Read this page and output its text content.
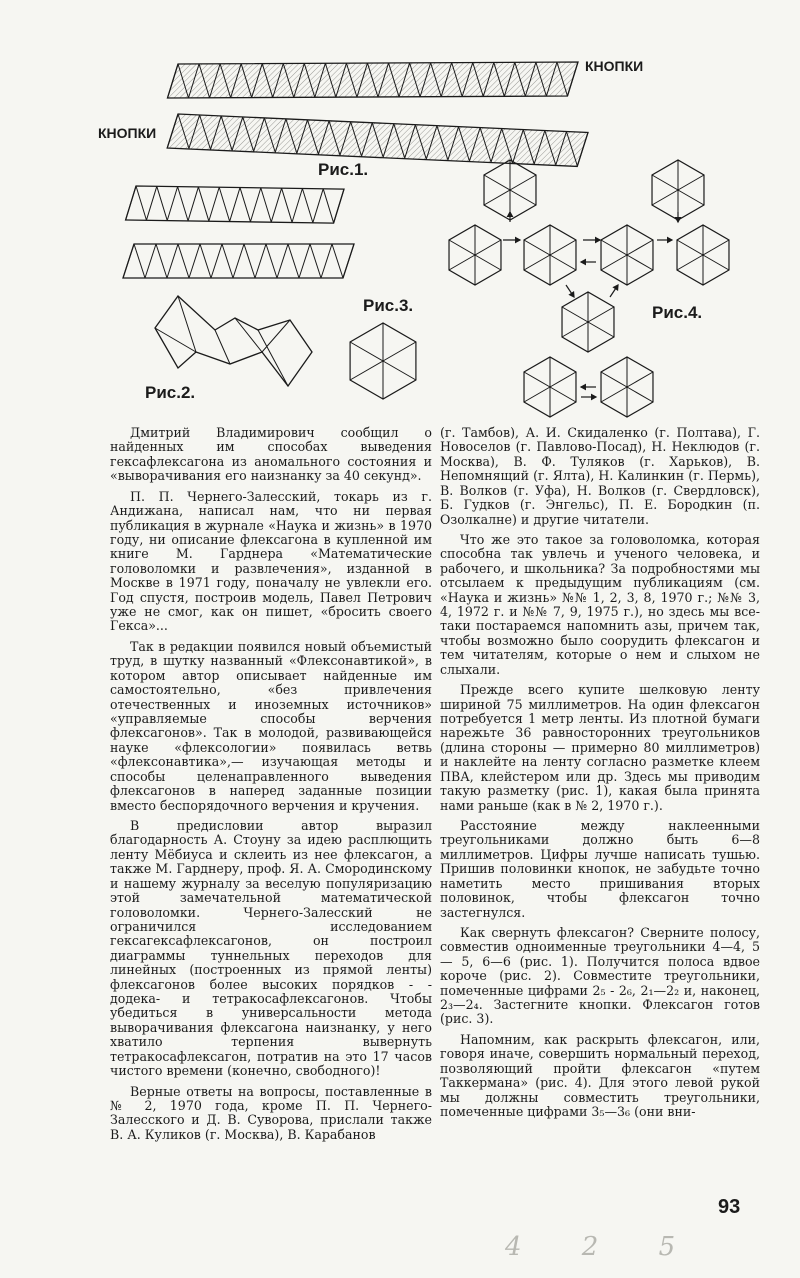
КНОПКИ
КНОПКИ
Рис.1.
Рис.2.
Рис.3.	Рис.4.

Дмитрий Владимирович сообщил о найденных им способах выведения гексафлексагона из аномального состояния и «выворачивания его наизнанку за 40 секунд».

П. П. Чернего-Залесский, токарь из г. Андижана, написал нам, что ни первая публикация в журнале «Наука и жизнь» в 1970 году, ни описание флексагона в купленной им книге М. Гарднера «Математические головоломки и развлечения», изданной в Москве в 1971 году, поначалу не увлекли его. Год спустя, построив модель, Павел Петрович уже не смог, как он пишет, «бросить своего Гекса»...

Так в редакции появился новый объемистый труд, в шутку названный «Флексонавтикой», в котором автор описывает найденные им самостоятельно, «без привлечения отечественных и иноземных источников» «управляемые способы верчения флексагонов». Так в молодой, развивающейся науке «флексологии» появилась ветвь «флексонавтика»,— изучающая методы и способы целенаправленного выведения флексагонов в наперед заданные позиции вместо беспорядочного верчения и кручения.

В предисловии автор выразил благодарность А. Стоуну за идею расплющить ленту Мёбиуса и склеить из нее флексагон, а также М. Гарднеру, проф. Я. А. Смородинскому и нашему журналу за веселую популяризацию этой замечательной математической головоломки. Чернего-Залесский не ограничился исследованием гексагексафлексагонов, он построил диаграммы туннельных переходов для линейных (построенных из прямой ленты) флексагонов более высоких порядков - - додека- и тетракосафлексагонов. Чтобы убедиться в универсальности метода выворачивания флексагона наизнанку, у него хватило терпения вывернуть тетракосафлексагон, потратив на это 17 часов чистого времени (конечно, свободного)!

Верные ответы на вопросы, поставленные в № 2, 1970 года, кроме П. П. Чернего-Залесского и Д. В. Суворова, прислали также В. А. Куликов (г. Москва), В. Карабанов

(г. Тамбов), А. И. Скидаленко (г. Полтава), Г. Новоселов (г. Павлово-Посад), Н. Неклюдов (г. Москва), В. Ф. Туляков (г. Харьков), В. Непомнящий (г. Ялта), Н. Калинкин (г. Пермь), В. Волков (г. Уфа), Н. Волков (г. Свердловск), Б. Гудков (г. Энгельс), П. Е. Бородкин (п. Озолкалне) и другие читатели.

Что же это такое за головоломка, которая способна так увлечь и ученого человека, и рабочего, и школьника? За подробностями мы отсылаем к предыдущим публикациям (см. «Наука и жизнь» №№ 1, 2, 3, 8, 1970 г.; №№ 3, 4, 1972 г. и №№ 7, 9, 1975 г.), но здесь мы все-таки постараемся напомнить азы, причем так, чтобы возможно было соорудить флексагон и тем читателям, которые о нем и слыхом не слыхали.

Прежде всего купите шелковую ленту шириной 75 миллиметров. На один флексагон потребуется 1 метр ленты. Из плотной бумаги нарежьте 36 равносторонних треугольников (длина стороны — примерно 80 миллиметров) и наклейте на ленту согласно разметке клеем ПВА, клейстером или др. Здесь мы приводим такую разметку (рис. 1), какая была принята нами раньше (как в № 2, 1970 г.).

Расстояние между наклеенными треугольниками должно быть 6—8 миллиметров. Цифры лучше написать тушью. Пришив половинки кнопок, не забудьте точно наметить место пришивания вторых половинок, чтобы флексагон точно застегнулся.

Как свернуть флексагон? Сверните полосу, совместив одноименные треугольники 4—4, 5— 5, 6—6 (рис. 1). Получится полоса вдвое короче (рис. 2). Совместите треугольники, помеченные цифрами 2₅ - 2₆, 2₁—2₂ и, наконец, 2₃—2₄. Застегните кнопки. Флексагон готов (рис. 3).

Напомним, как раскрыть флексагон, или, говоря иначе, совершить нормальный переход, позволяющий пройти флексагон «путем Таккермана» (рис. 4). Для этого левой рукой мы должны совместить треугольники, помеченные цифрами 3₅—3₆ (они вни-

93
4 2 5
